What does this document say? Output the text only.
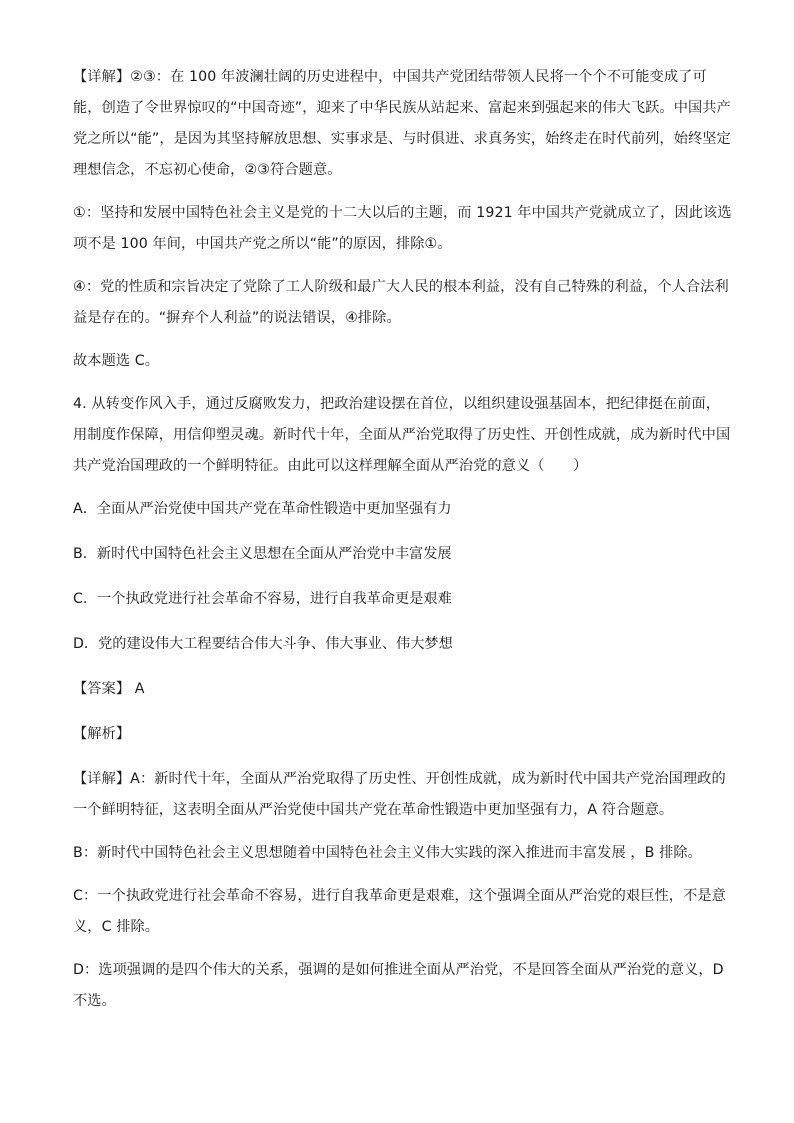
【详解】②③：在 100 年波澜壮阔的历史进程中，中国共产党团结带领人民将一个个不可能变成了可能，创造了令世界惊叹的“中国奇迹”，迎来了中华民族从站起来、富起来到强起来的伟大飞跃。中国共产党之所以“能”，是因为其坚持解放思想、实事求是、与时俱进、求真务实，始终走在时代前列，始终坚定理想信念，不忘初心使命，②③符合题意。

①：坚持和发展中国特色社会主义是党的十二大以后的主题，而 1921 年中国共产党就成立了，因此该选项不是 100 年间，中国共产党之所以“能”的原因，排除①。

④：党的性质和宗旨决定了党除了工人阶级和最广大人民的根本利益，没有自己特殊的利益，个人合法利益是存在的。“摒弃个人利益”的说法错误，④排除。

故本题选 C。

4. 从转变作风入手，通过反腐败发力，把政治建设摆在首位，以组织建设强基固本，把纪律挺在前面，用制度作保障，用信仰塑灵魂。新时代十年，全面从严治党取得了历史性、开创性成就，成为新时代中国共产党治国理政的一个鲜明特征。由此可以这样理解全面从严治党的意义（　　）

A．全面从严治党使中国共产党在革命性锻造中更加坚强有力

B．新时代中国特色社会主义思想在全面从严治党中丰富发展

C．一个执政党进行社会革命不容易，进行自我革命更是艰难

D．党的建设伟大工程要结合伟大斗争、伟大事业、伟大梦想

【答案】 A

【解析】

【详解】A：新时代十年，全面从严治党取得了历史性、开创性成就，成为新时代中国共产党治国理政的一个鲜明特征，这表明全面从严治党使中国共产党在革命性锻造中更加坚强有力，A 符合题意。

B：新时代中国特色社会主义思想随着中国特色社会主义伟大实践的深入推进而丰富发展 ，B 排除。

C：一个执政党进行社会革命不容易，进行自我革命更是艰难，这个强调全面从严治党的艰巨性，不是意义，C 排除。

D：选项强调的是四个伟大的关系，强调的是如何推进全面从严治党，不是回答全面从严治党的意义，D 不选。
